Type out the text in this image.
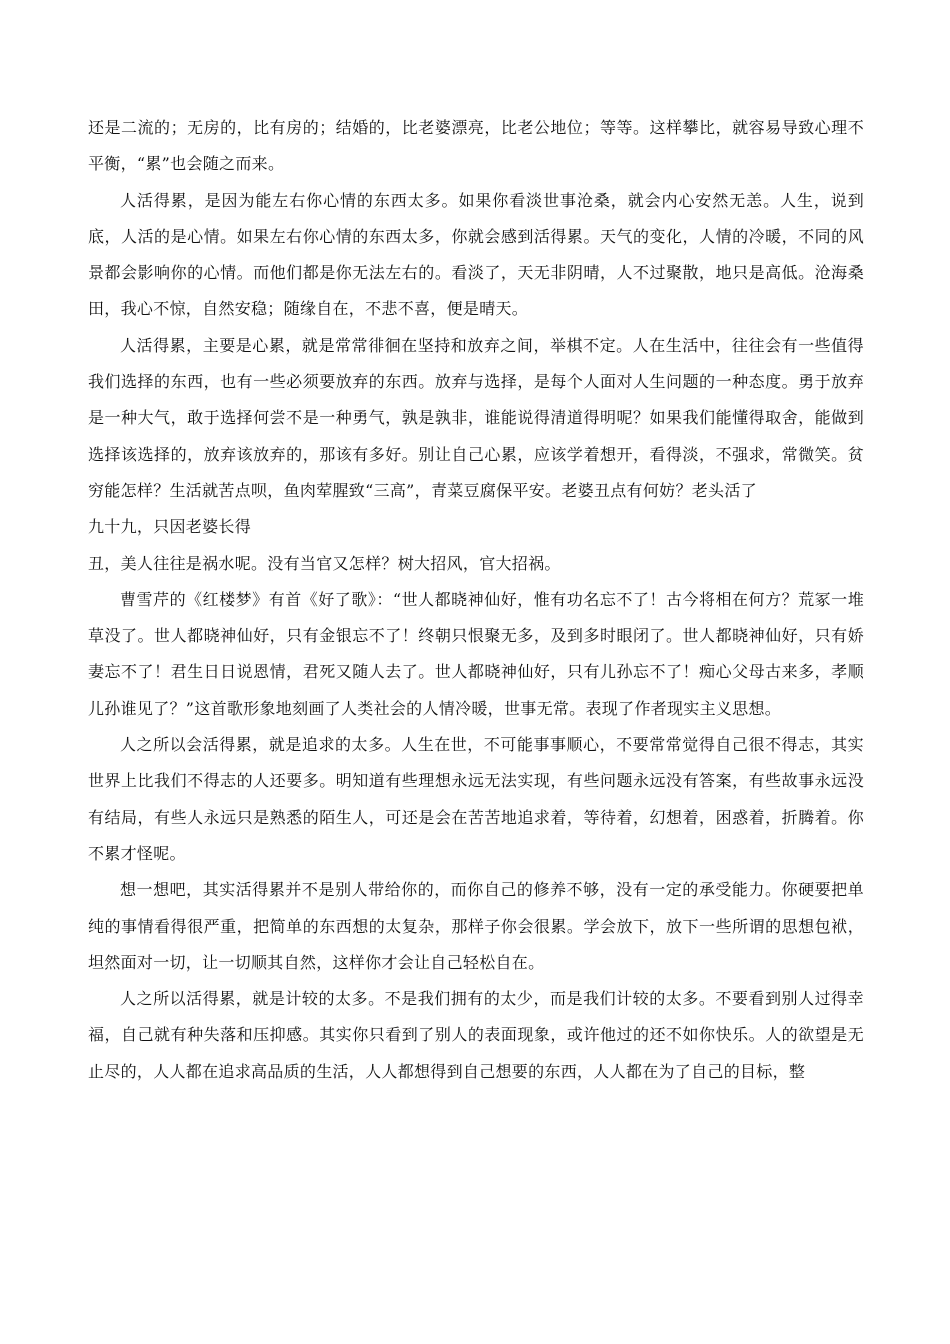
还是二流的；无房的，比有房的；结婚的，比老婆漂亮，比老公地位；等等。这样攀比，就容易导致心理不平衡，“累”也会随之而来。

人活得累，是因为能左右你心情的东西太多。如果你看淡世事沧桑，就会内心安然无恙。人生，说到底，人活的是心情。如果左右你心情的东西太多，你就会感到活得累。天气的变化，人情的冷暖，不同的风景都会影响你的心情。而他们都是你无法左右的。看淡了，天无非阴晴，人不过聚散，地只是高低。沧海桑田，我心不惊，自然安稳；随缘自在，不悲不喜，便是晴天。

人活得累，主要是心累，就是常常徘徊在坚持和放弃之间，举棋不定。人在生活中，往往会有一些值得我们选择的东西，也有一些必须要放弃的东西。放弃与选择，是每个人面对人生问题的一种态度。勇于放弃是一种大气，敢于选择何尝不是一种勇气，孰是孰非，谁能说得清道得明呢？如果我们能懂得取舍，能做到选择该选择的，放弃该放弃的，那该有多好。别让自己心累，应该学着想开，看得淡，不强求，常微笑。贫穷能怎样？生活就苦点呗，鱼肉荤腥致“三高”，青菜豆腐保平安。老婆丑点有何妨？老头活了

九十九，只因老婆长得

丑，美人往往是祸水呢。没有当官又怎样？树大招风，官大招祸。

曹雪芹的《红楼梦》有首《好了歌》：“世人都晓神仙好，惟有功名忘不了！古今将相在何方？荒冢一堆草没了。世人都晓神仙好，只有金银忘不了！终朝只恨聚无多，及到多时眼闭了。世人都晓神仙好，只有娇妻忘不了！君生日日说恩情，君死又随人去了。世人都晓神仙好，只有儿孙忘不了！痴心父母古来多，孝顺儿孙谁见了？”这首歌形象地刻画了人类社会的人情冷暖，世事无常。表现了作者现实主义思想。

人之所以会活得累，就是追求的太多。人生在世，不可能事事顺心，不要常常觉得自己很不得志，其实世界上比我们不得志的人还要多。明知道有些理想永远无法实现，有些问题永远没有答案，有些故事永远没有结局，有些人永远只是熟悉的陌生人，可还是会在苦苦地追求着，等待着，幻想着，困惑着，折腾着。你不累才怪呢。

想一想吧，其实活得累并不是别人带给你的，而你自己的修养不够，没有一定的承受能力。你硬要把单纯的事情看得很严重，把简单的东西想的太复杂，那样子你会很累。学会放下，放下一些所谓的思想包袱，坦然面对一切，让一切顺其自然，这样你才会让自己轻松自在。

人之所以活得累，就是计较的太多。不是我们拥有的太少，而是我们计较的太多。不要看到别人过得幸福，自己就有种失落和压抑感。其实你只看到了别人的表面现象，或许他过的还不如你快乐。人的欲望是无止尽的，人人都在追求高品质的生活，人人都想得到自己想要的东西，人人都在为了自己的目标，整
